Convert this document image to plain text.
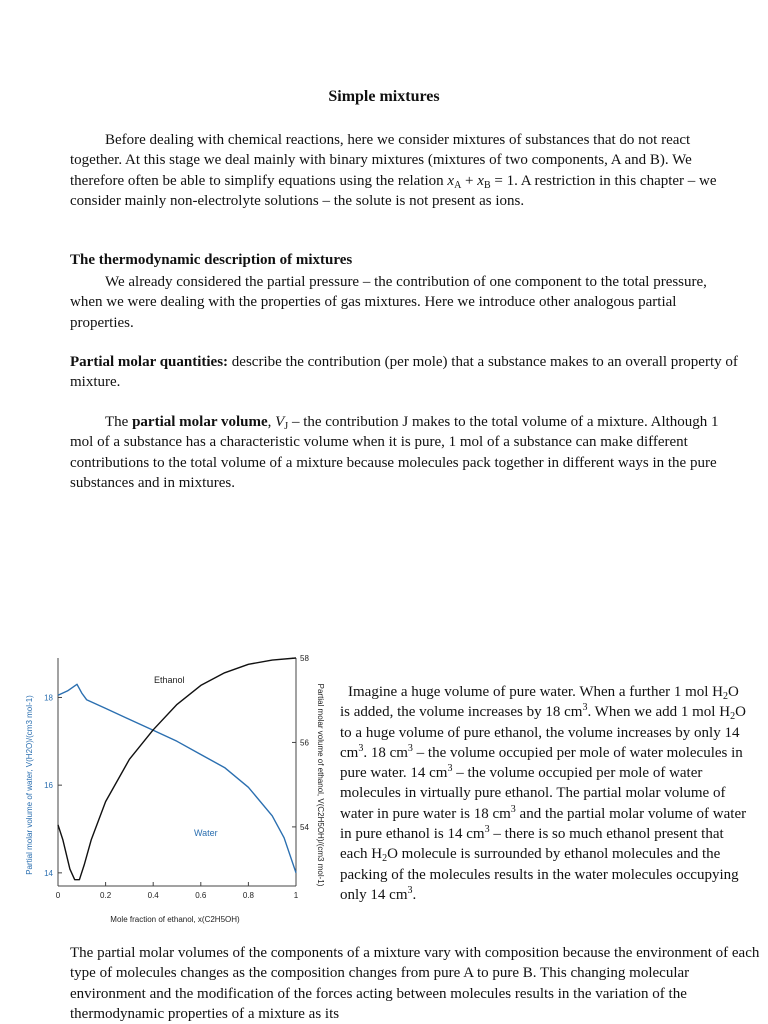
Simple mixtures

Before dealing with chemical reactions, here we consider mixtures of substances that do not react together. At this stage we deal mainly with binary mixtures (mixtures of two components, A and B). We therefore often be able to simplify equations using the relation $x_A + x_B = 1$. A restriction in this chapter – we consider mainly non-electrolyte solutions – the solute is not present as ions.

The thermodynamic description of mixtures

We already considered the partial pressure – the contribution of one component to the total pressure, when we were dealing with the properties of gas mixtures. Here we introduce other analogous partial properties.

Partial molar quantities: describe the contribution (per mole) that a substance makes to an overall property of mixture.

The partial molar volume, $V_J$ – the contribution J makes to the total volume of a mixture. Although 1 mol of a substance has a characteristic volume when it is pure, 1 mol of a substance can make different contributions to the total volume of a mixture because molecules pack together in different ways in the pure substances and in mixtures.

0	0.2	0.4	0.6	0.8	1
14
16
18
54
56
58
Mole fraction of ethanol, x(C2H5OH)
Partial molar volume of water, V(H2O)/(cm3 mol-1)	Partial molar volume of ethanol, V(C2H5OH)/(cm3 mol-1)
Water
Ethanol

Imagine a huge volume of pure water. When a further 1 mol $H_2O$ is added, the volume increases by 18 $cm^3$. When we add 1 mol $H_2O$ to a huge volume of pure ethanol, the volume increases by only 14 $cm^3$. 18 $cm^3$ – the volume occupied per mole of water molecules in pure water. 14 $cm^3$ – the volume occupied per mole of water molecules in virtually pure ethanol. The partial molar volume of water in pure water is 18 $cm^3$ and the partial molar volume of water in pure ethanol is 14 $cm^3$ – there is so much ethanol present that each $H_2O$ molecule is surrounded by ethanol molecules and the packing of the molecules results in the water molecules occupying only 14 $cm^3$.

The partial molar volumes of the components of a mixture vary with composition because the environment of each type of molecules changes as the composition changes from pure A to pure B. This changing molecular environment and the modification of the forces acting between molecules results in the variation of the thermodynamic properties of a mixture as its
